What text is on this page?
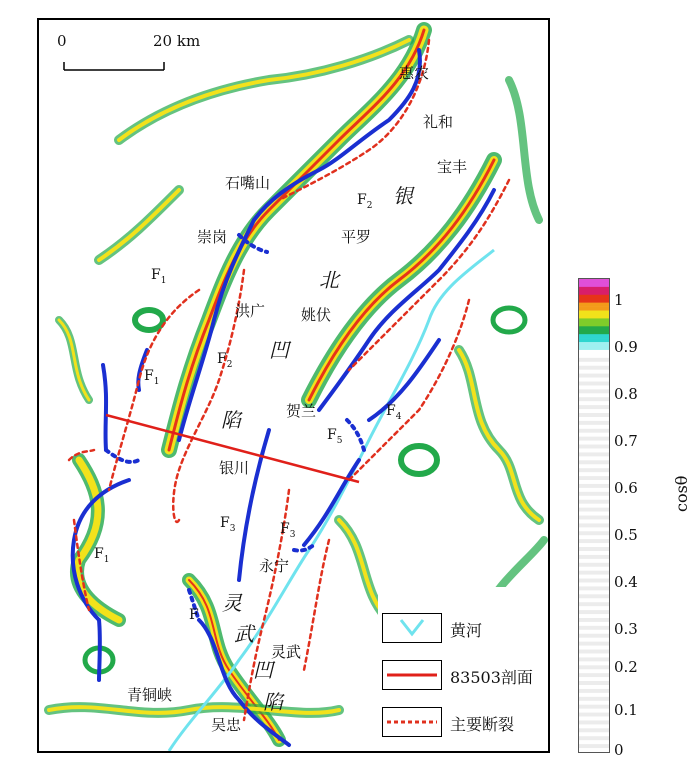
0	20 km
惠农
礼和
宝丰
石嘴山
崇岗	平罗
洪广 姚伏
贺兰
银川
永宁
灵武
青铜峡
吴忠
银
北
凹
陷
灵
武
凹
陷
$F_1$
$F_1$
$F_1$
$F_2$
$F_2$
$F_3$	$F_3$
$F_4$
$F_5$
F
黄河
83503剖面
主要断裂
1
0.9
0.8
0.7
0.6
0.5
0.4
0.3
0.2
0.1
0
cosθ
